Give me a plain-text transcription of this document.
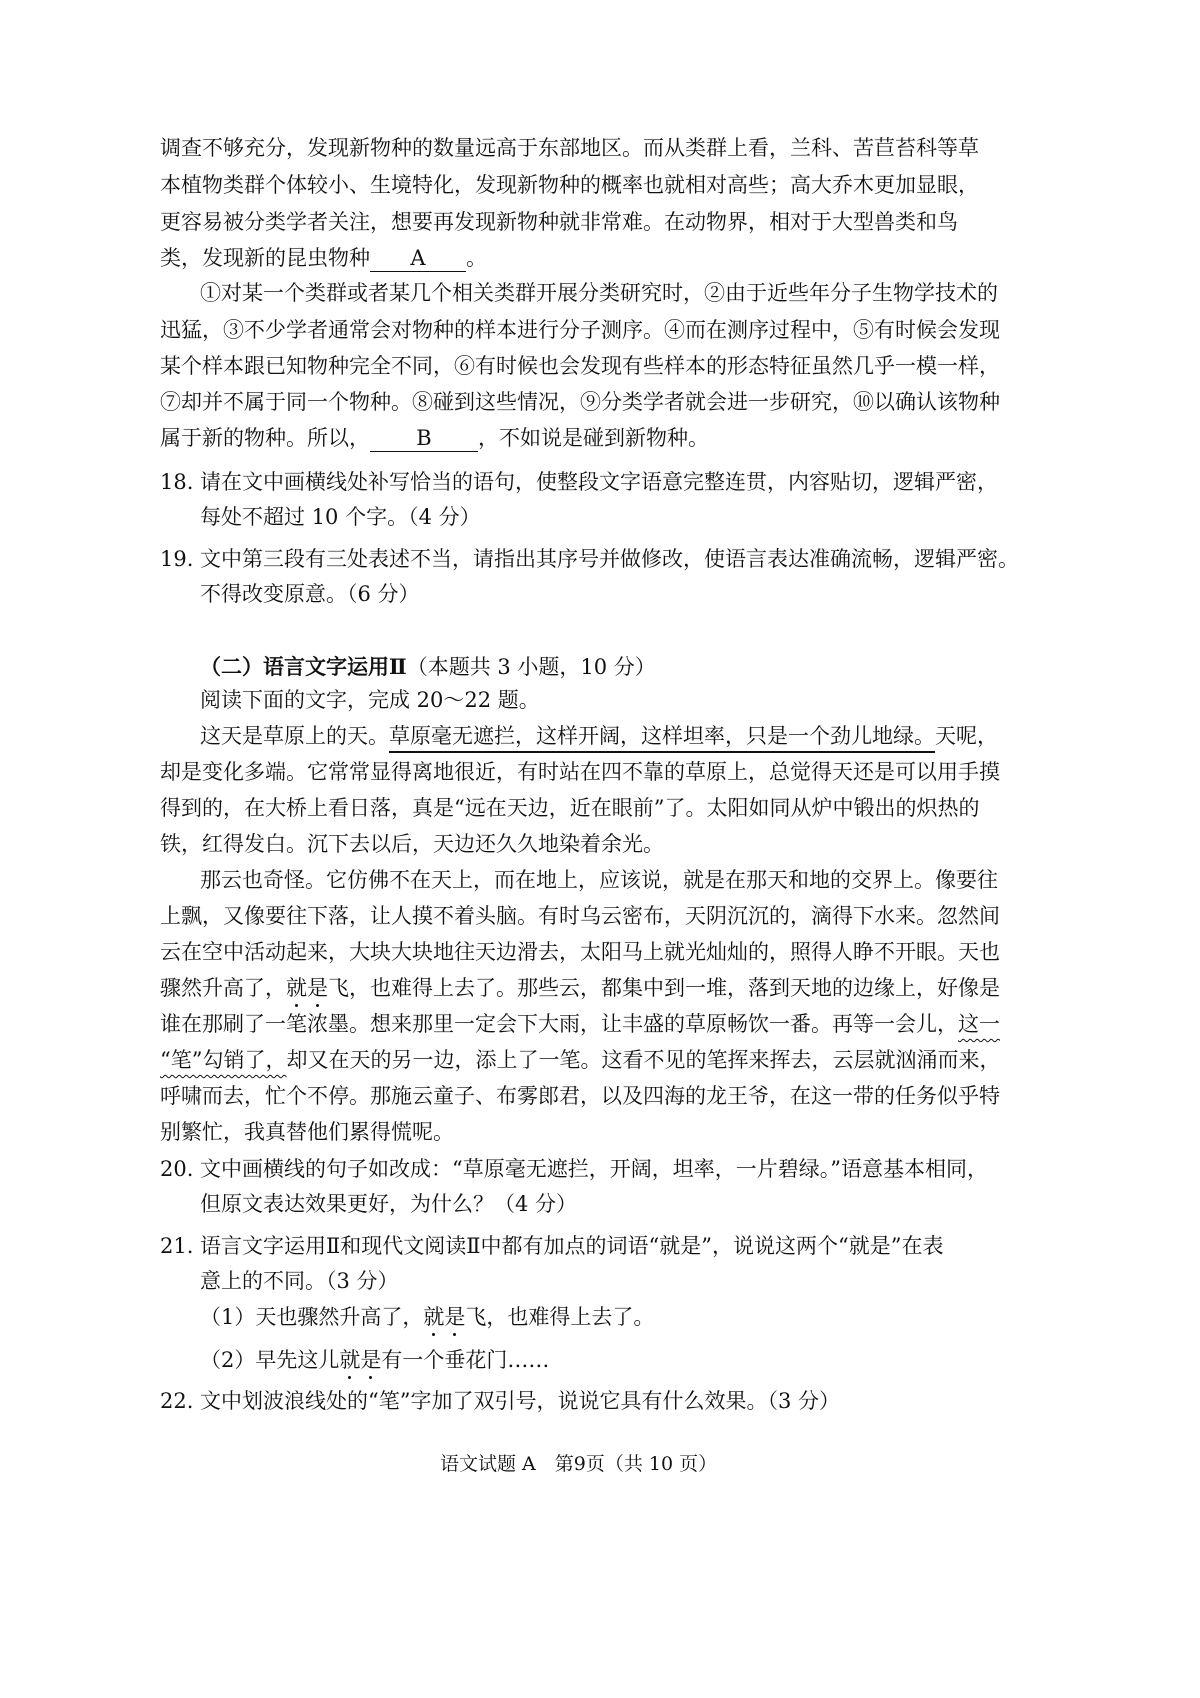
调查不够充分，发现新物种的数量远高于东部地区。而从类群上看，兰科、苦苣苔科等草
本植物类群个体较小、生境特化，发现新物种的概率也就相对高些；高大乔木更加显眼，
更容易被分类学者关注，想要再发现新物种就非常难。在动物界，相对于大型兽类和鸟
类，发现新的昆虫物种 A 。
①对某一个类群或者某几个相关类群开展分类研究时，②由于近些年分子生物学技术的
迅猛，③不少学者通常会对物种的样本进行分子测序。④而在测序过程中，⑤有时候会发现
某个样本跟已知物种完全不同，⑥有时候也会发现有些样本的形态特征虽然几乎一模一样，
⑦却并不属于同一个物种。⑧碰到这些情况，⑨分类学者就会进一步研究，⑩以确认该物种
属于新的物种。所以， B ，不如说是碰到新物种。
18. 请在文中画横线处补写恰当的语句，使整段文字语意完整连贯，内容贴切，逻辑严密，
每处不超过 10 个字。（4 分）
19. 文中第三段有三处表述不当，请指出其序号并做修改，使语言表达准确流畅，逻辑严密。
不得改变原意。（6 分）
（二）语言文字运用Ⅱ（本题共 3 小题，10 分）
阅读下面的文字，完成 20～22 题。
这天是草原上的天。草原毫无遮拦，这样开阔，这样坦率，只是一个劲儿地绿。天呢，
却是变化多端。它常常显得离地很近，有时站在四不靠的草原上，总觉得天还是可以用手摸
得到的，在大桥上看日落，真是“远在天边，近在眼前”了。太阳如同从炉中锻出的炽热的
铁，红得发白。沉下去以后，天边还久久地染着余光。
那云也奇怪。它仿佛不在天上，而在地上，应该说，就是在那天和地的交界上。像要往
上飘，又像要往下落，让人摸不着头脑。有时乌云密布，天阴沉沉的，滴得下水来。忽然间
云在空中活动起来，大块大块地往天边滑去，太阳马上就光灿灿的，照得人睁不开眼。天也
骤然升高了，就是飞，也难得上去了。那些云，都集中到一堆，落到天地的边缘上，好像是
谁在那刷了一笔浓墨。想来那里一定会下大雨，让丰盛的草原畅饮一番。再等一会儿，这一
“笔”勾销了，却又在天的另一边，添上了一笔。这看不见的笔挥来挥去，云层就汹涌而来，
呼啸而去，忙个不停。那施云童子、布雾郎君，以及四海的龙王爷，在这一带的任务似乎特
别繁忙，我真替他们累得慌呢。
20. 文中画横线的句子如改成：“草原毫无遮拦，开阔，坦率，一片碧绿。”语意基本相同，
但原文表达效果更好，为什么？（4 分）
21. 语言文字运用Ⅱ和现代文阅读Ⅱ中都有加点的词语“就是”，说说这两个“就是”在表
意上的不同。（3 分）
（1）天也骤然升高了，就是飞，也难得上去了。
（2）早先这儿就是有一个垂花门……
22. 文中划波浪线处的“笔”字加了双引号，说说它具有什么效果。（3 分）
语文试题 A　第9页（共 10 页）
